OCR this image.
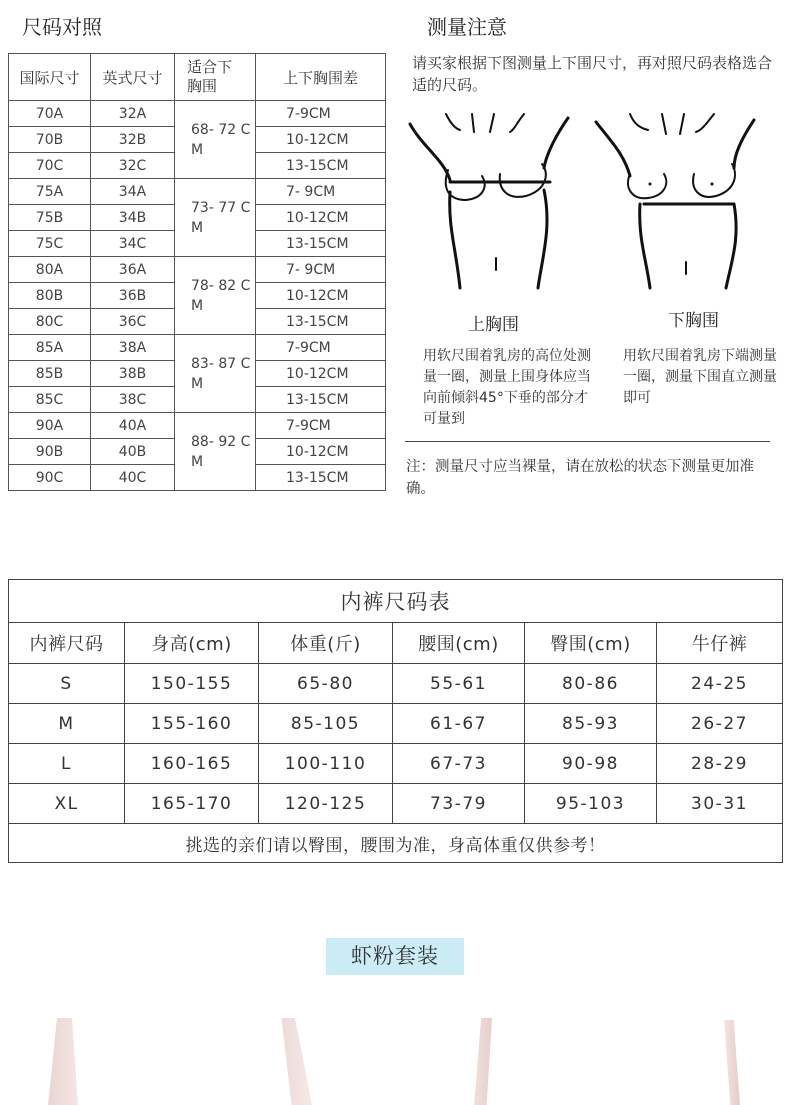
尺码对照	测量注意
国际尺寸	英式尺寸	适合下胸围	上下胸围差
70A	32A	68- 72 CM	7-9CM
70B	32B		10-12CM
70C	32C		13-15CM
75A	34A	73- 77 CM	7- 9CM
75B	34B		10-12CM
75C	34C		13-15CM
80A	36A	78- 82 CM	7- 9CM
80B	36B		10-12CM
80C	36C		13-15CM
85A	38A	83- 87 CM	7-9CM
85B	38B		10-12CM
85C	38C		13-15CM
90A	40A	88- 92 CM	7-9CM
90B	40B		10-12CM
90C	40C		13-15CM
请买家根据下图测量上下围尺寸，再对照尺码表格选合适的尺码。
上胸围	下胸围
用软尺围着乳房的高位处测量一圈，测量上围身体应当向前倾斜45°下垂的部分才可量到
用软尺围着乳房下端测量一圈，测量下围直立测量即可
注：测量尺寸应当裸量，请在放松的状态下测量更加准确。
内裤尺码表					
内裤尺码	身高(cm)	体重(斤)	腰围(cm)	臀围(cm)	牛仔裤
S	150-155	65-80	55-61	80-86	24-25
M	155-160	85-105	61-67	85-93	26-27
L	160-165	100-110	67-73	90-98	28-29
XL	165-170	120-125	73-79	95-103	30-31
挑选的亲们请以臀围，腰围为准，身高体重仅供参考！					
虾粉套装
